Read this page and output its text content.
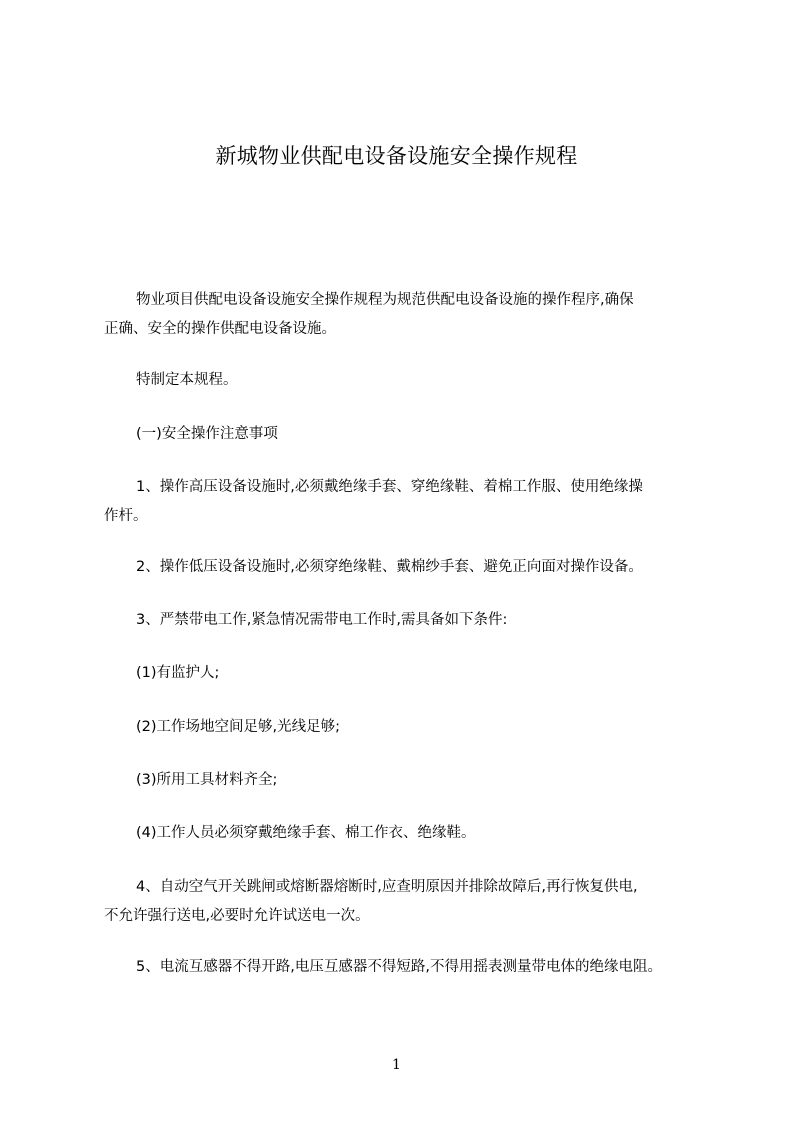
新城物业供配电设备设施安全操作规程
物业项目供配电设备设施安全操作规程为规范供配电设备设施的操作程序,确保
正确、安全的操作供配电设备设施。
特制定本规程。
(一)安全操作注意事项
1、操作高压设备设施时,必须戴绝缘手套、穿绝缘鞋、着棉工作服、使用绝缘操
作杆。
2、操作低压设备设施时,必须穿绝缘鞋、戴棉纱手套、避免正向面对操作设备。
3、严禁带电工作,紧急情况需带电工作时,需具备如下条件:
(1)有监护人;
(2)工作场地空间足够,光线足够;
(3)所用工具材料齐全;
(4)工作人员必须穿戴绝缘手套、棉工作衣、绝缘鞋。
4、自动空气开关跳闸或熔断器熔断时,应查明原因并排除故障后,再行恢复供电,
不允许强行送电,必要时允许试送电一次。
5、电流互感器不得开路,电压互感器不得短路,不得用摇表测量带电体的绝缘电阻。
1
